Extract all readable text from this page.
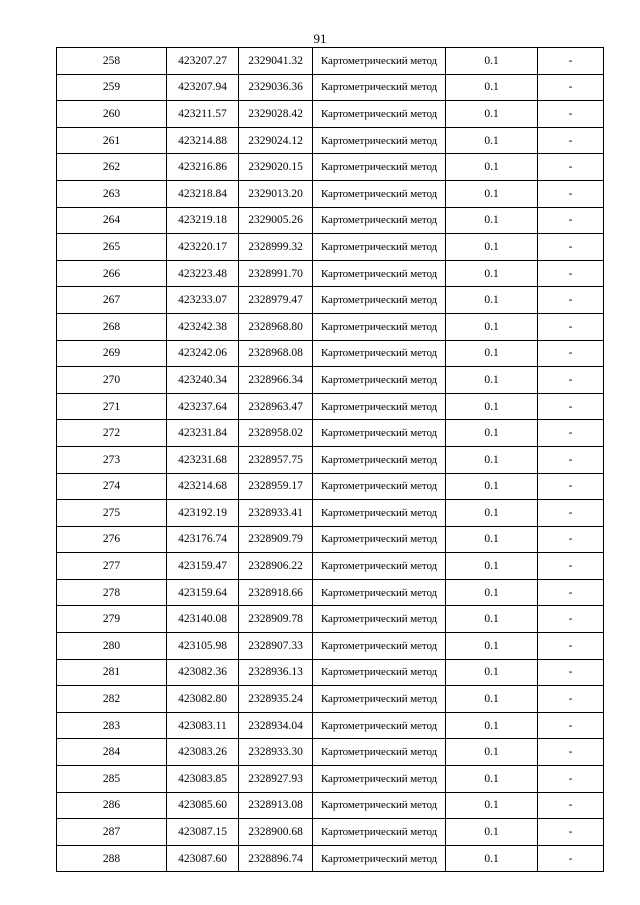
91
258	423207.27	2329041.32	Картометрический метод	0.1	-
259	423207.94	2329036.36	Картометрический метод	0.1	-
260	423211.57	2329028.42	Картометрический метод	0.1	-
261	423214.88	2329024.12	Картометрический метод	0.1	-
262	423216.86	2329020.15	Картометрический метод	0.1	-
263	423218.84	2329013.20	Картометрический метод	0.1	-
264	423219.18	2329005.26	Картометрический метод	0.1	-
265	423220.17	2328999.32	Картометрический метод	0.1	-
266	423223.48	2328991.70	Картометрический метод	0.1	-
267	423233.07	2328979.47	Картометрический метод	0.1	-
268	423242.38	2328968.80	Картометрический метод	0.1	-
269	423242.06	2328968.08	Картометрический метод	0.1	-
270	423240.34	2328966.34	Картометрический метод	0.1	-
271	423237.64	2328963.47	Картометрический метод	0.1	-
272	423231.84	2328958.02	Картометрический метод	0.1	-
273	423231.68	2328957.75	Картометрический метод	0.1	-
274	423214.68	2328959.17	Картометрический метод	0.1	-
275	423192.19	2328933.41	Картометрический метод	0.1	-
276	423176.74	2328909.79	Картометрический метод	0.1	-
277	423159.47	2328906.22	Картометрический метод	0.1	-
278	423159.64	2328918.66	Картометрический метод	0.1	-
279	423140.08	2328909.78	Картометрический метод	0.1	-
280	423105.98	2328907.33	Картометрический метод	0.1	-
281	423082.36	2328936.13	Картометрический метод	0.1	-
282	423082.80	2328935.24	Картометрический метод	0.1	-
283	423083.11	2328934.04	Картометрический метод	0.1	-
284	423083.26	2328933.30	Картометрический метод	0.1	-
285	423083.85	2328927.93	Картометрический метод	0.1	-
286	423085.60	2328913.08	Картометрический метод	0.1	-
287	423087.15	2328900.68	Картометрический метод	0.1	-
288	423087.60	2328896.74	Картометрический метод	0.1	-
